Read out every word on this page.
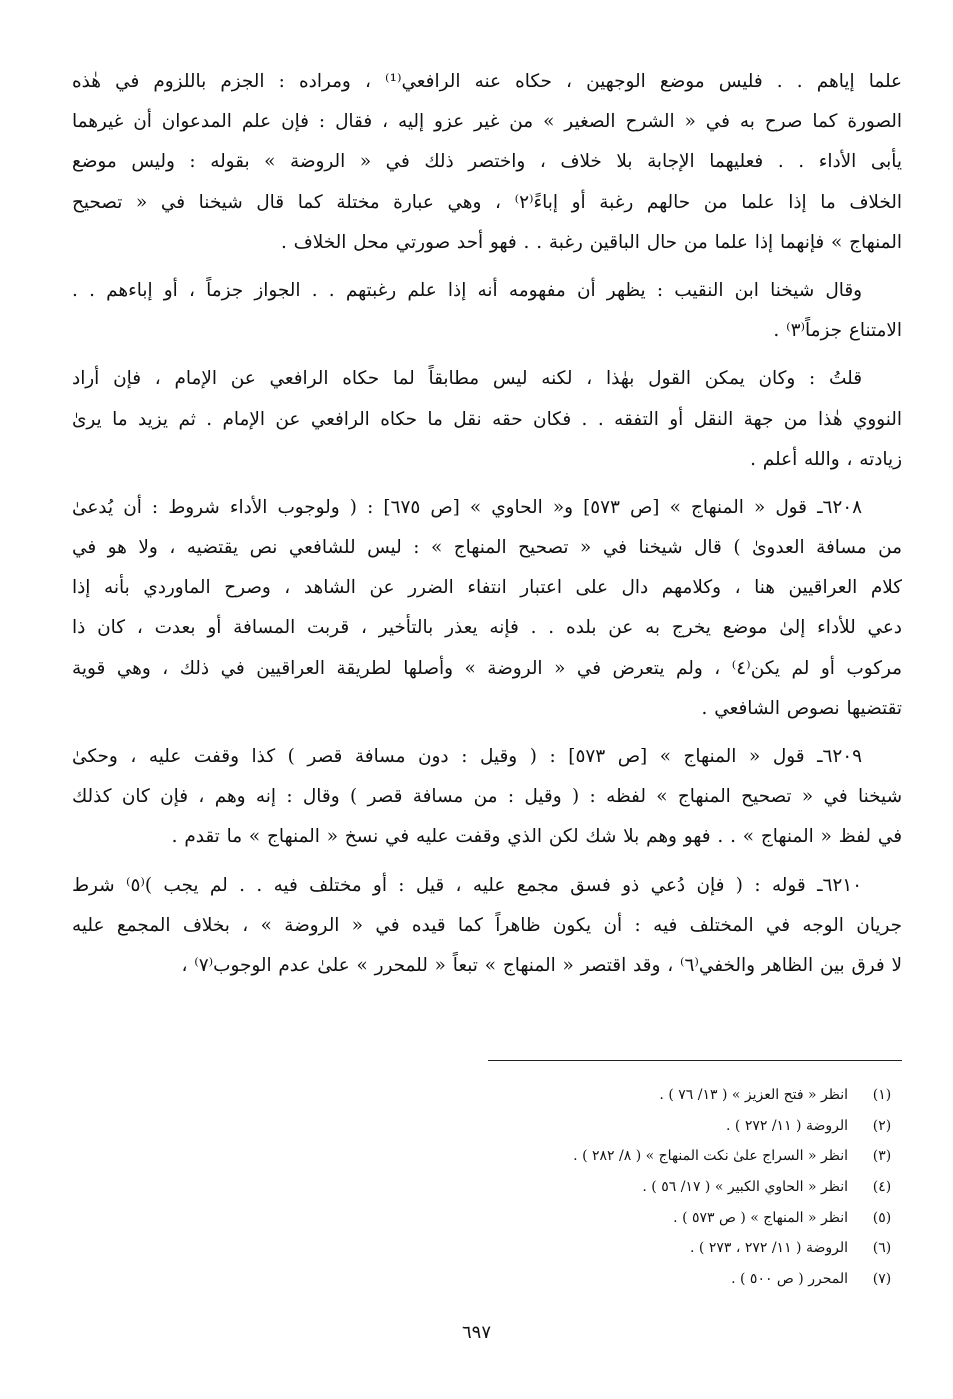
علما إياهم . . فليس موضع الوجهين ، حكاه عنه الرافعي⁽¹⁾ ، ومراده : الجزم باللزوم في هٰذه
الصورة كما صرح به في « الشرح الصغير » من غير عزو إليه ، فقال : فإن علم المدعوان أن غيرهما
يأبى الأداء . . فعليهما الإجابة بلا خلاف ، واختصر ذلك في « الروضة » بقوله : وليس موضع
الخلاف ما إذا علما من حالهم رغبة أو إباءً⁽٢⁾ ، وهي عبارة مختلة كما قال شيخنا في « تصحيح
المنهاج » فإنهما إذا علما من حال الباقين رغبة . . فهو أحد صورتي محل الخلاف .
وقال شيخنا ابن النقيب : يظهر أن مفهومه أنه إذا علم رغبتهم . . الجواز جزماً ، أو إباءهم . .
الامتناع جزماً⁽٣⁾ .
قلتُ : وكان يمكن القول بهٰذا ، لكنه ليس مطابقاً لما حكاه الرافعي عن الإمام ، فإن أراد
النووي هٰذا من جهة النقل أو التفقه . . فكان حقه نقل ما حكاه الرافعي عن الإمام . ثم يزيد ما يرىٰ
زيادته ، والله أعلم .
٦٢٠٨ـ قول « المنهاج » [ص ٥٧٣] و« الحاوي » [ص ٦٧٥] : ( ولوجوب الأداء شروط : أن يُدعىٰ
من مسافة العدوىٰ ) قال شيخنا في « تصحيح المنهاج » : ليس للشافعي نص يقتضيه ، ولا هو في
كلام العراقيين هنا ، وكلامهم دال على اعتبار انتفاء الضرر عن الشاهد ، وصرح الماوردي بأنه إذا
دعي للأداء إلىٰ موضع يخرج به عن بلده . . فإنه يعذر بالتأخير ، قربت المسافة أو بعدت ، كان ذا
مركوب أو لم يكن⁽٤⁾ ، ولم يتعرض في « الروضة » وأصلها لطريقة العراقيين في ذلك ، وهي قوية
تقتضيها نصوص الشافعي .
٦٢٠٩ـ قول « المنهاج » [ص ٥٧٣] : ( وقيل : دون مسافة قصر ) كذا وقفت عليه ، وحكىٰ
شيخنا في « تصحيح المنهاج » لفظه : ( وقيل : من مسافة قصر ) وقال : إنه وهم ، فإن كان كذلك
في لفظ « المنهاج » . . فهو وهم بلا شك لكن الذي وقفت عليه في نسخ « المنهاج » ما تقدم .
٦٢١٠ـ قوله : ( فإن دُعي ذو فسق مجمع عليه ، قيل : أو مختلف فيه . . لم يجب )⁽٥⁾ شرط
جريان الوجه في المختلف فيه : أن يكون ظاهراً كما قيده في « الروضة » ، بخلاف المجمع عليه
لا فرق بين الظاهر والخفي⁽٦⁾ ، وقد اقتصر « المنهاج » تبعاً « للمحرر » علىٰ عدم الوجوب⁽٧⁾ ،
(١)
انظر « فتح العزيز » ( ١٣/ ٧٦ ) .
(٢)
الروضة ( ١١/ ٢٧٢ ) .
(٣)
انظر « السراج علىٰ نكت المنهاج » ( ٨/ ٢٨٢ ) .
(٤)
انظر « الحاوي الكبير » ( ١٧/ ٥٦ ) .
(٥)
انظر « المنهاج » ( ص ٥٧٣ ) .
(٦)
الروضة ( ١١/ ٢٧٢ ، ٢٧٣ ) .
(٧)
المحرر ( ص ٥٠٠ ) .
٦٩٧
